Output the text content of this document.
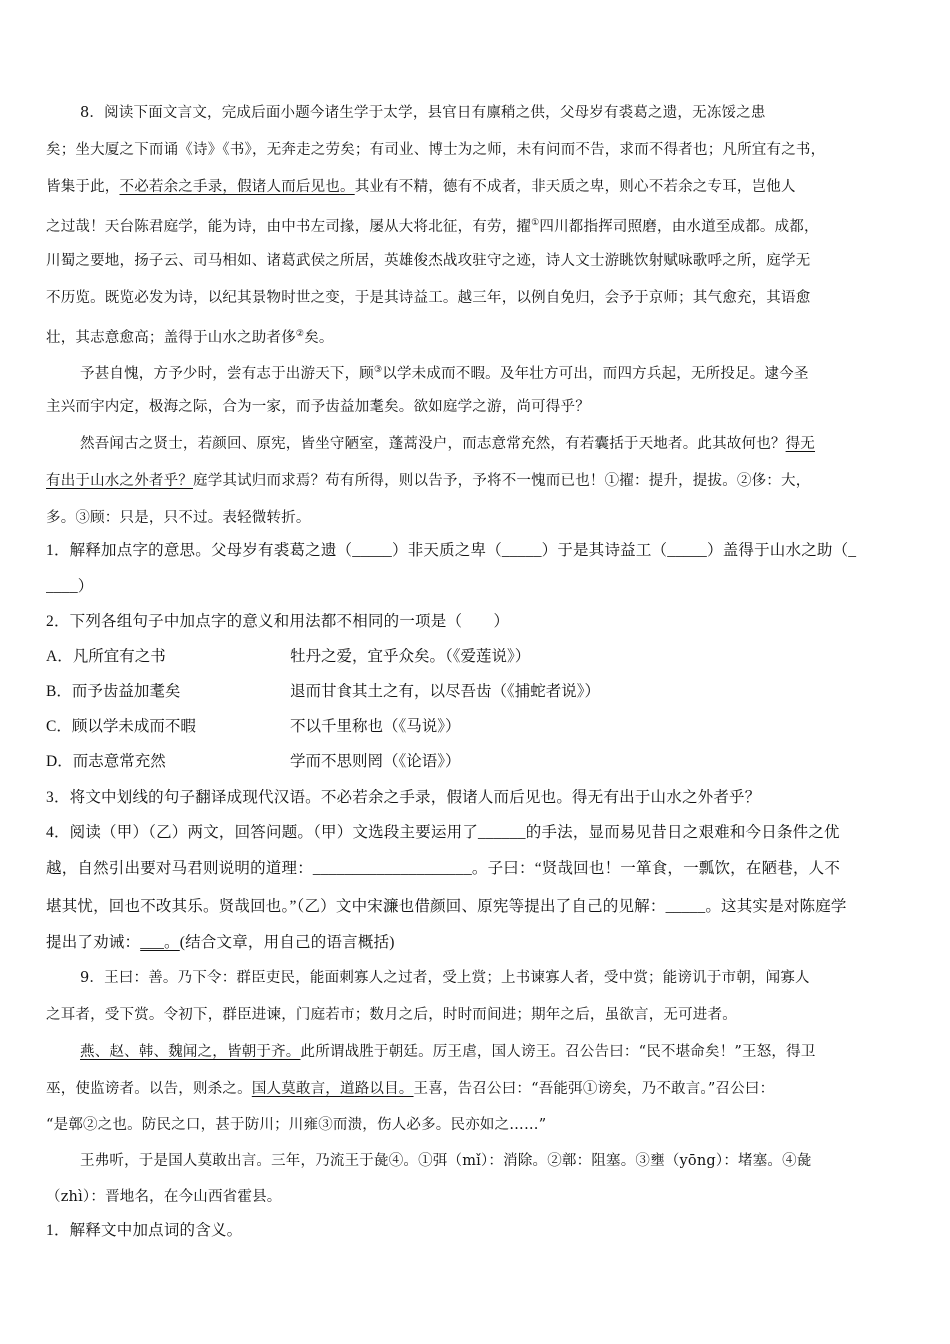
8．阅读下面文言文，完成后面小题今诸生学于太学，县官日有廪稍之供，父母岁有裘葛之遗，无冻馁之患
矣；坐大厦之下而诵《诗》《书》，无奔走之劳矣；有司业、博士为之师，未有问而不告，求而不得者也；凡所宜有之书，
皆集于此，不必若余之手录，假诸人而后见也。其业有不精，德有不成者，非天质之卑，则心不若余之专耳，岂他人
之过哉！天台陈君庭学，能为诗，由中书左司掾，屡从大将北征，有劳，擢①四川都指挥司照磨，由水道至成都。成都，
川蜀之要地，扬子云、司马相如、诸葛武侯之所居，英雄俊杰战攻驻守之迹，诗人文士游眺饮射赋咏歌呼之所，庭学无
不历览。既览必发为诗，以纪其景物时世之变，于是其诗益工。越三年，以例自免归，会予于京师；其气愈充，其语愈
壮，其志意愈高；盖得于山水之助者侈②矣。
予甚自愧，方予少时，尝有志于出游天下，顾③以学未成而不暇。及年壮方可出，而四方兵起，无所投足。逮今圣
主兴而宇内定，极海之际，合为一家，而予齿益加耄矣。欲如庭学之游，尚可得乎？
然吾闻古之贤士，若颜回、原宪，皆坐守陋室，蓬蒿没户，而志意常充然，有若囊括于天地者。此其故何也？得无
有出于山水之外者乎？庭学其试归而求焉？苟有所得，则以告予，予将不一愧而已也！①擢：提升，提拔。②侈：大，
多。③顾：只是，只不过。表轻微转折。
1．解释加点字的意思。父母岁有裘葛之遗（_____）非天质之卑（_____）于是其诗益工（_____）盖得于山水之助（_
____）
2．下列各组句子中加点字的意义和用法都不相同的一项是（　　）
A．凡所宜有之书	牡丹之爱，宜乎众矣。（《爱莲说》）
B．而予齿益加耄矣	退而甘食其土之有，以尽吾齿（《捕蛇者说》）
C．顾以学未成而不暇	不以千里称也（《马说》）
D．而志意常充然	学而不思则罔（《论语》）
3．将文中划线的句子翻译成现代汉语。不必若余之手录，假诸人而后见也。得无有出于山水之外者乎？
4．阅读（甲）（乙）两文，回答问题。（甲）文选段主要运用了______的手法，显而易见昔日之艰难和今日条件之优
越，自然引出要对马君则说明的道理：____________________。子曰：“贤哉回也！一箪食，一瓢饮，在陋巷，人不
堪其忧，回也不改其乐。贤哉回也。”（乙）文中宋濂也借颜回、原宪等提出了自己的见解：_____。这其实是对陈庭学
提出了劝诫：___。(结合文章，用自己的语言概括)
9．王曰：善。乃下令：群臣吏民，能面刺寡人之过者，受上赏；上书谏寡人者，受中赏；能谤讥于市朝，闻寡人
之耳者，受下赏。令初下，群臣进谏，门庭若市；数月之后，时时而间进；期年之后，虽欲言，无可进者。
燕、赵、韩、魏闻之，皆朝于齐。此所谓战胜于朝廷。厉王虐，国人谤王。召公告曰：“民不堪命矣！”王怒，得卫
巫，使监谤者。以告，则杀之。国人莫敢言，道路以目。王喜，告召公曰：“吾能弭①谤矣，乃不敢言。”召公曰：
“是鄣②之也。防民之口，甚于防川；川雍③而溃，伤人必多。民亦如之……”
王弗听，于是国人莫敢出言。三年，乃流王于彘④。①弭（mǐ）：消除。②鄣：阻塞。③壅（yōng）：堵塞。④彘
（zhì）：晋地名，在今山西省霍县。
1．解释文中加点词的含义。
